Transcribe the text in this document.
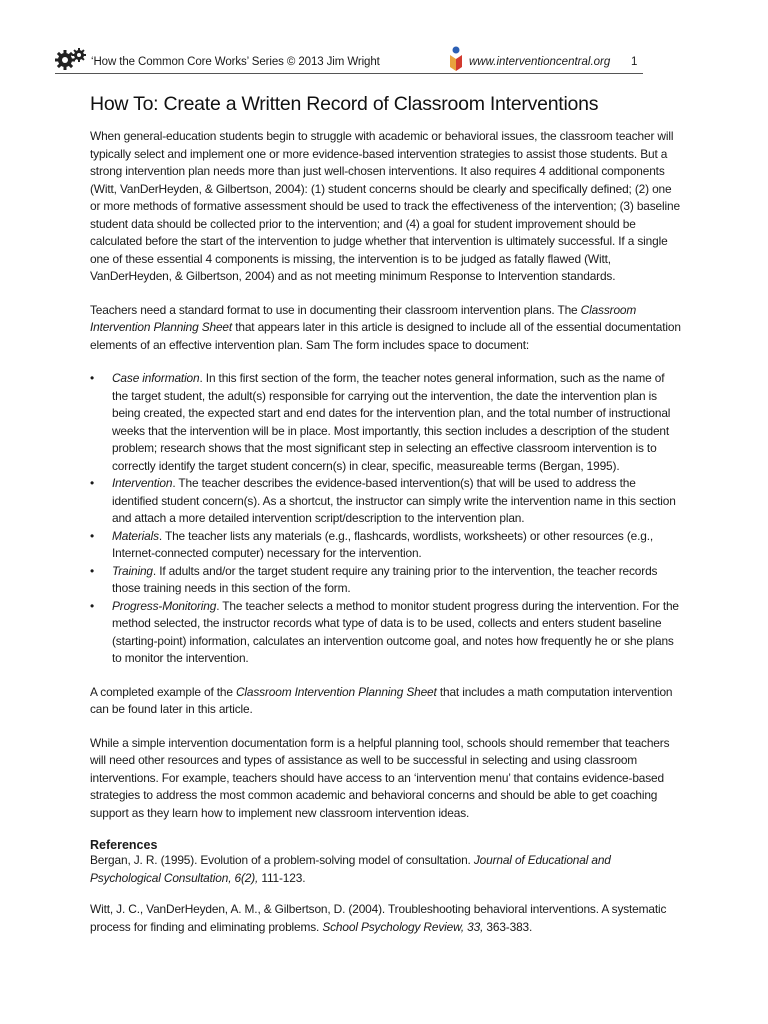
‘How the Common Core Works’ Series © 2013 Jim Wright	www.interventioncentral.org 1
How To: Create a Written Record of Classroom Interventions

When general-education students begin to struggle with academic or behavioral issues, the classroom teacher will typically select and implement one or more evidence-based intervention strategies to assist those students. But a strong intervention plan needs more than just well-chosen interventions. It also requires 4 additional components (Witt, VanDerHeyden, & Gilbertson, 2004): (1) student concerns should be clearly and specifically defined; (2) one or more methods of formative assessment should be used to track the effectiveness of the intervention; (3) baseline student data should be collected prior to the intervention; and (4) a goal for student improvement should be calculated before the start of the intervention to judge whether that intervention is ultimately successful. If a single one of these essential 4 components is missing, the intervention is to be judged as fatally flawed (Witt, VanDerHeyden, & Gilbertson, 2004) and as not meeting minimum Response to Intervention standards.

Teachers need a standard format to use in documenting their classroom intervention plans. The Classroom Intervention Planning Sheet that appears later in this article is designed to include all of the essential documentation elements of an effective intervention plan. Sam The form includes space to document:

• Case information. In this first section of the form, the teacher notes general information, such as the name of the target student, the adult(s) responsible for carrying out the intervention, the date the intervention plan is being created, the expected start and end dates for the intervention plan, and the total number of instructional weeks that the intervention will be in place. Most importantly, this section includes a description of the student problem; research shows that the most significant step in selecting an effective classroom intervention is to correctly identify the target student concern(s) in clear, specific, measureable terms (Bergan, 1995).
• Intervention. The teacher describes the evidence-based intervention(s) that will be used to address the identified student concern(s). As a shortcut, the instructor can simply write the intervention name in this section and attach a more detailed intervention script/description to the intervention plan.
• Materials. The teacher lists any materials (e.g., flashcards, wordlists, worksheets) or other resources (e.g., Internet-connected computer) necessary for the intervention.
• Training. If adults and/or the target student require any training prior to the intervention, the teacher records those training needs in this section of the form.
• Progress-Monitoring. The teacher selects a method to monitor student progress during the intervention. For the method selected, the instructor records what type of data is to be used, collects and enters student baseline (starting-point) information, calculates an intervention outcome goal, and notes how frequently he or she plans to monitor the intervention.

A completed example of the Classroom Intervention Planning Sheet that includes a math computation intervention can be found later in this article.

While a simple intervention documentation form is a helpful planning tool, schools should remember that teachers will need other resources and types of assistance as well to be successful in selecting and using classroom interventions. For example, teachers should have access to an ‘intervention menu’ that contains evidence-based strategies to address the most common academic and behavioral concerns and should be able to get coaching support as they learn how to implement new classroom intervention ideas.

References

Bergan, J. R. (1995). Evolution of a problem-solving model of consultation. Journal of Educational and Psychological Consultation, 6(2), 111-123.

Witt, J. C., VanDerHeyden, A. M., & Gilbertson, D. (2004). Troubleshooting behavioral interventions. A systematic process for finding and eliminating problems. School Psychology Review, 33, 363-383.
